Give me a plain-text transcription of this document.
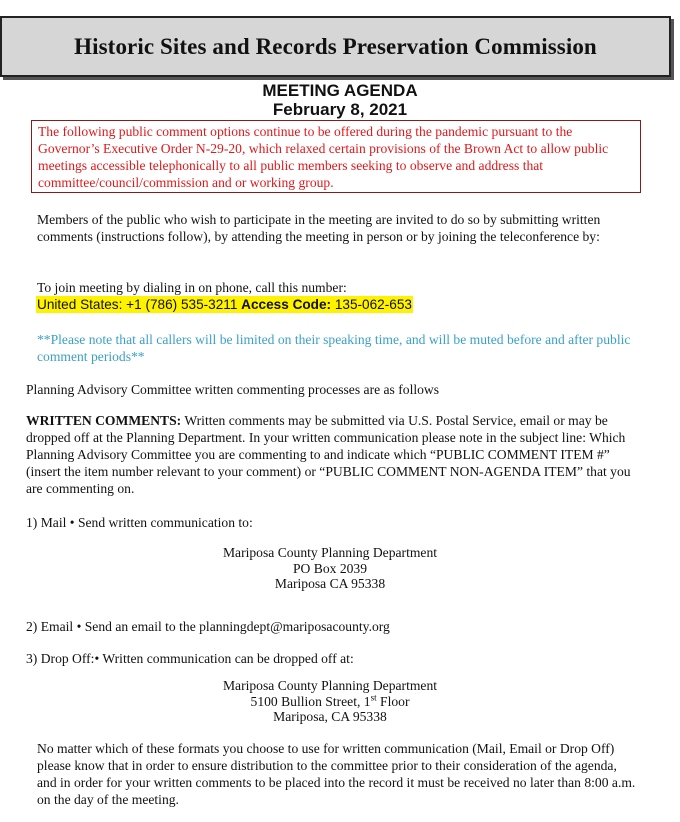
Historic Sites and Records Preservation Commission
MEETING AGENDA
February 8, 2021
The following public comment options continue to be offered during the pandemic pursuant to the Governor’s Executive Order N-29-20, which relaxed certain provisions of the Brown Act to allow public meetings accessible telephonically to all public members seeking to observe and address that committee/council/commission and or working group.
Members of the public who wish to participate in the meeting are invited to do so by submitting written comments (instructions follow), by attending the meeting in person or by joining the teleconference by:
To join meeting by dialing in on phone, call this number:
United States: +1 (786) 535-3211 Access Code: 135-062-653
**Please note that all callers will be limited on their speaking time, and will be muted before and after public comment periods**
Planning Advisory Committee written commenting processes are as follows
WRITTEN COMMENTS: Written comments may be submitted via U.S. Postal Service, email or may be dropped off at the Planning Department. In your written communication please note in the subject line: Which Planning Advisory Committee you are commenting to and indicate which “PUBLIC COMMENT ITEM #” (insert the item number relevant to your comment) or “PUBLIC COMMENT NON-AGENDA ITEM” that you are commenting on.
1) Mail • Send written communication to:
Mariposa County Planning Department
PO Box 2039
Mariposa CA 95338
2) Email • Send an email to the planningdept@mariposacounty.org
3) Drop Off:• Written communication can be dropped off at:
Mariposa County Planning Department
5100 Bullion Street, 1st Floor
Mariposa, CA 95338
No matter which of these formats you choose to use for written communication (Mail, Email or Drop Off) please know that in order to ensure distribution to the committee prior to their consideration of the agenda, and in order for your written comments to be placed into the record it must be received no later than 8:00 a.m. on the day of the meeting.
